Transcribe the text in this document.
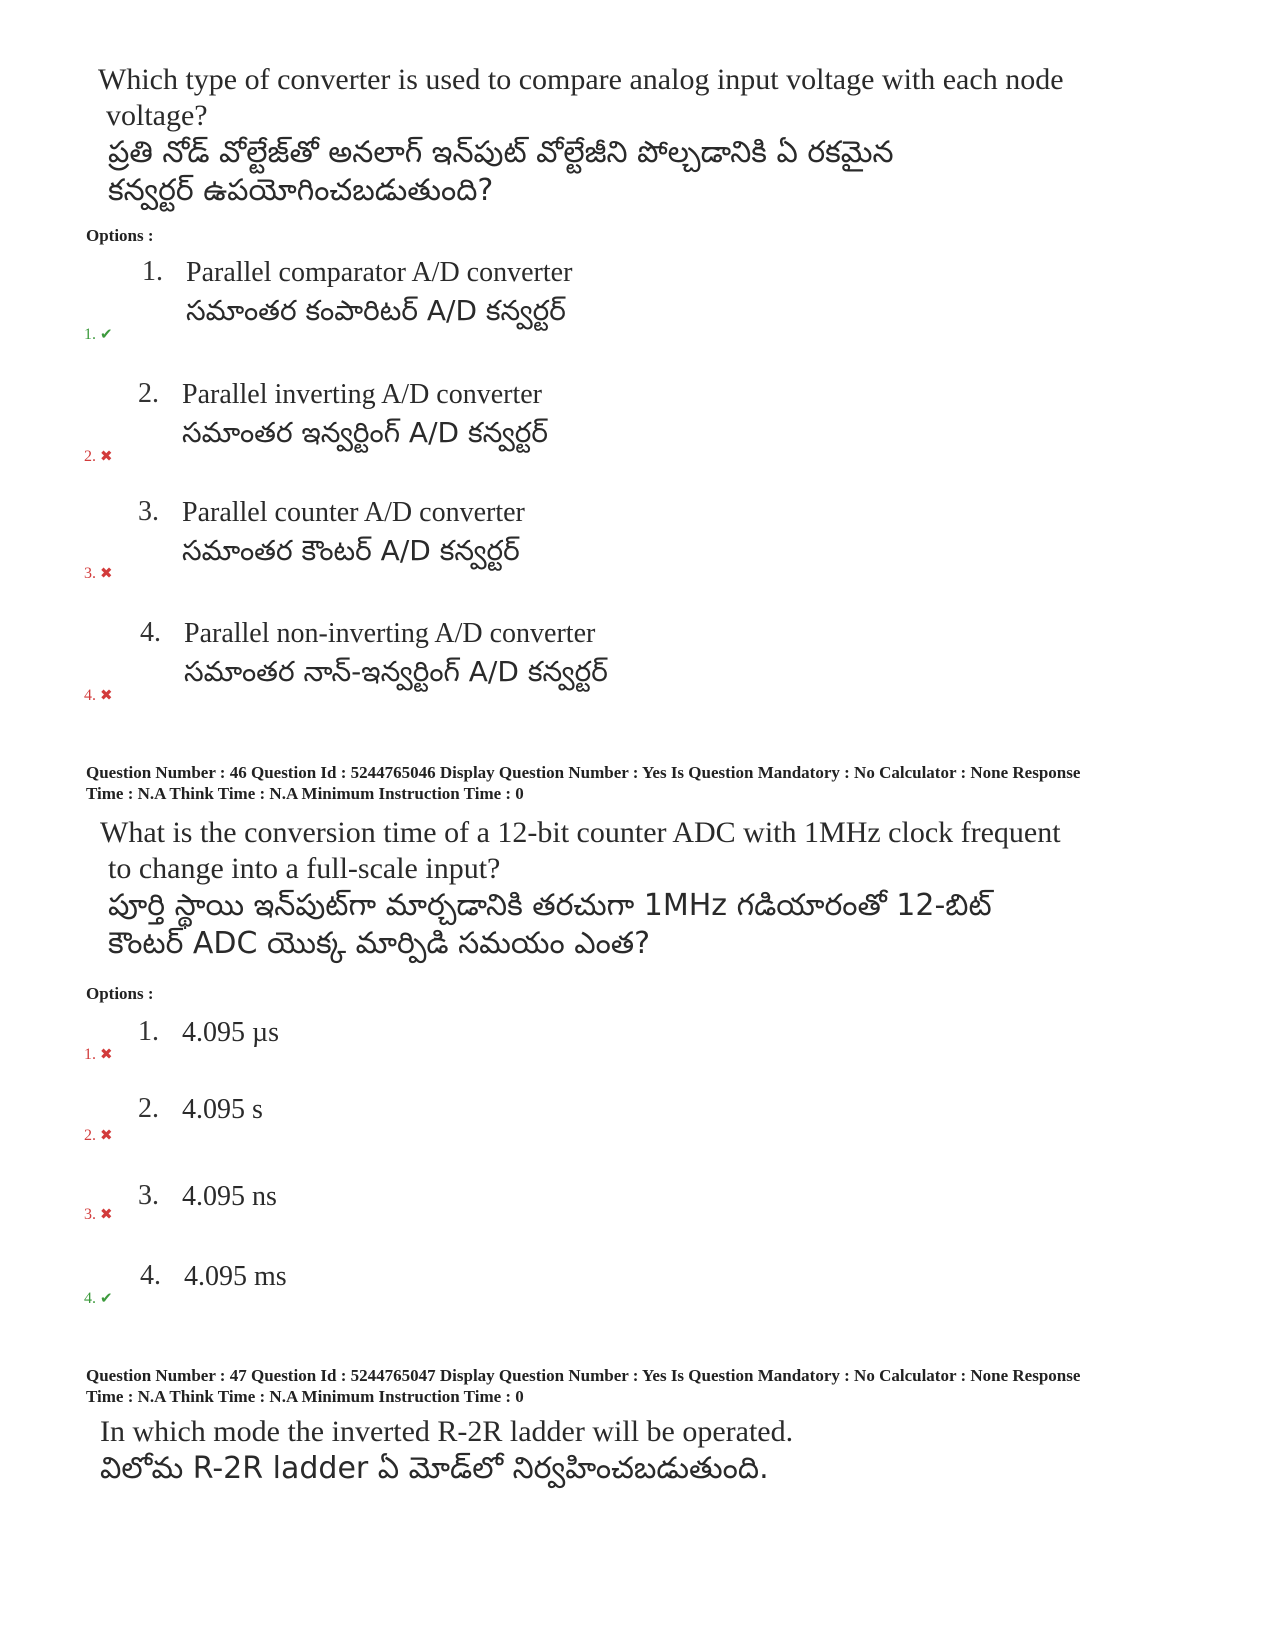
Which type of converter is used to compare analog input voltage with each node
voltage?
ప్రతి నోడ్ వోల్టేజ్‌తో అనలాగ్ ఇన్‌పుట్ వోల్టేజీని పోల్చడానికి ఏ రకమైన
కన్వర్టర్ ఉపయోగించబడుతుంది?
Options :
1. Parallel comparator A/D converter
సమాంతర కంపారిటర్ A/D కన్వర్టర్
1. ✔
2. Parallel inverting A/D converter
సమాంతర ఇన్వర్టింగ్ A/D కన్వర్టర్
2. ✖
3. Parallel counter A/D converter
సమాంతర కౌంటర్ A/D కన్వర్టర్
3. ✖
4. Parallel non-inverting A/D converter
సమాంతర నాన్-ఇన్వర్టింగ్ A/D కన్వర్టర్
4. ✖
Question Number : 46 Question Id : 5244765046 Display Question Number : Yes Is Question Mandatory : No Calculator : None Response
Time : N.A Think Time : N.A Minimum Instruction Time : 0
What is the conversion time of a 12-bit counter ADC with 1MHz clock frequent
to change into a full-scale input?
పూర్తి స్థాయి ఇన్‌పుట్‌గా మార్చడానికి తరచుగా 1MHz గడియారంతో 12-బిట్
కౌంటర్ ADC యొక్క మార్పిడి సమయం ఎంత?
Options :
1. 4.095 µs
1. ✖
2. 4.095 s
2. ✖
3. 4.095 ns
3. ✖
4. 4.095 ms
4. ✔
Question Number : 47 Question Id : 5244765047 Display Question Number : Yes Is Question Mandatory : No Calculator : None Response
Time : N.A Think Time : N.A Minimum Instruction Time : 0
In which mode the inverted R-2R ladder will be operated.
విలోమ R-2R ladder ఏ మోడ్‌లో నిర్వహించబడుతుంది.
